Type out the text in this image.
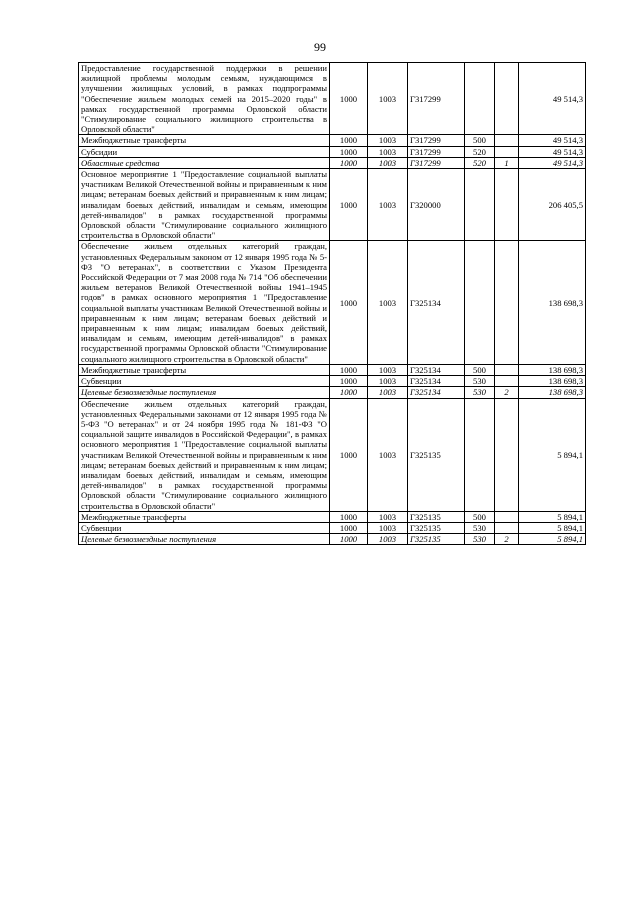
99
Предоставление государственной поддержки в решении жилищной проблемы молодым семьям, нуждающимся в улучшении жилищных условий, в рамках подпрограммы "Обеспечение жильем молодых семей на 2015–2020 годы" в рамках государственной программы Орловской области "Стимулирование социального жилищного строительства в Орловской области"	1000	1003	Г317299			49 514,3
Межбюджетные трансферты	1000	1003	Г317299	500		49 514,3
Субсидии	1000	1003	Г317299	520		49 514,3
Областные средства	1000	1003	Г317299	520	1	49 514,3
Основное мероприятие 1 "Предоставление социальной выплаты участникам Великой Отечественной войны и приравненным к ним лицам; ветеранам боевых действий и приравненным к ним лицам; инвалидам боевых действий, инвалидам и семьям, имеющим детей-инвалидов" в рамках государственной программы Орловской области "Стимулирование социального жилищного строительства в Орловской области"	1000	1003	Г320000			206 405,5
Обеспечение жильем отдельных категорий граждан, установленных Федеральным законом от 12 января 1995 года № 5-ФЗ "О ветеранах", в соответствии с Указом Президента Российской Федерации от 7 мая 2008 года № 714 "Об обеспечении жильем ветеранов Великой Отечественной войны 1941–1945 годов" в рамках основного мероприятия 1 "Предоставление социальной выплаты участникам Великой Отечественной войны и приравненным к ним лицам; ветеранам боевых действий и приравненным к ним лицам; инвалидам боевых действий, инвалидам и семьям, имеющим детей-инвалидов" в рамках государственной программы Орловской области "Стимулирование социального жилищного строительства в Орловской области"	1000	1003	Г325134			138 698,3
Межбюджетные трансферты	1000	1003	Г325134	500		138 698,3
Субвенции	1000	1003	Г325134	530		138 698,3
Целевые безвозмездные поступления	1000	1003	Г325134	530	2	138 698,3
Обеспечение жильем отдельных категорий граждан, установленных Федеральными законами от 12 января 1995 года № 5-ФЗ "О ветеранах" и от 24 ноября 1995 года № 181-ФЗ "О социальной защите инвалидов в Российской Федерации", в рамках основного мероприятия 1 "Предоставление социальной выплаты участникам Великой Отечественной войны и приравненным к ним лицам; ветеранам боевых действий и приравненным к ним лицам; инвалидам боевых действий, инвалидам и семьям, имеющим детей-инвалидов" в рамках государственной программы Орловской области "Стимулирование социального жилищного строительства в Орловской области"	1000	1003	Г325135			5 894,1
Межбюджетные трансферты	1000	1003	Г325135	500		5 894,1
Субвенции	1000	1003	Г325135	530		5 894,1
Целевые безвозмездные поступления	1000	1003	Г325135	530	2	5 894,1
